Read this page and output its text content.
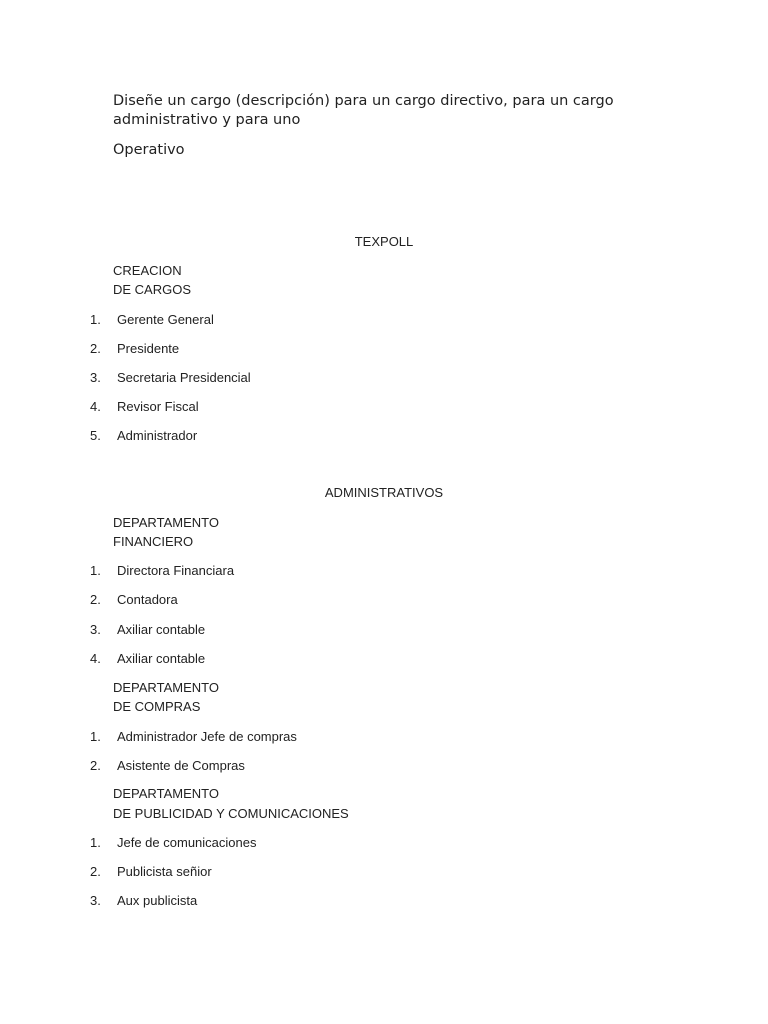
Diseñe un cargo (descripción) para un cargo directivo, para un cargo
administrativo y para uno
Operativo
TEXPOLL
CREACION
DE CARGOS
1. Gerente General
2. Presidente
3. Secretaria Presidencial
4. Revisor Fiscal
5. Administrador
ADMINISTRATIVOS
DEPARTAMENTO
FINANCIERO
1. Directora Financiara
2. Contadora
3. Axiliar contable
4. Axiliar contable
DEPARTAMENTO
DE COMPRAS
1. Administrador Jefe de compras
2. Asistente de Compras
DEPARTAMENTO
DE PUBLICIDAD Y COMUNICACIONES
1. Jefe de comunicaciones
2. Publicista señior
3. Aux publicista
